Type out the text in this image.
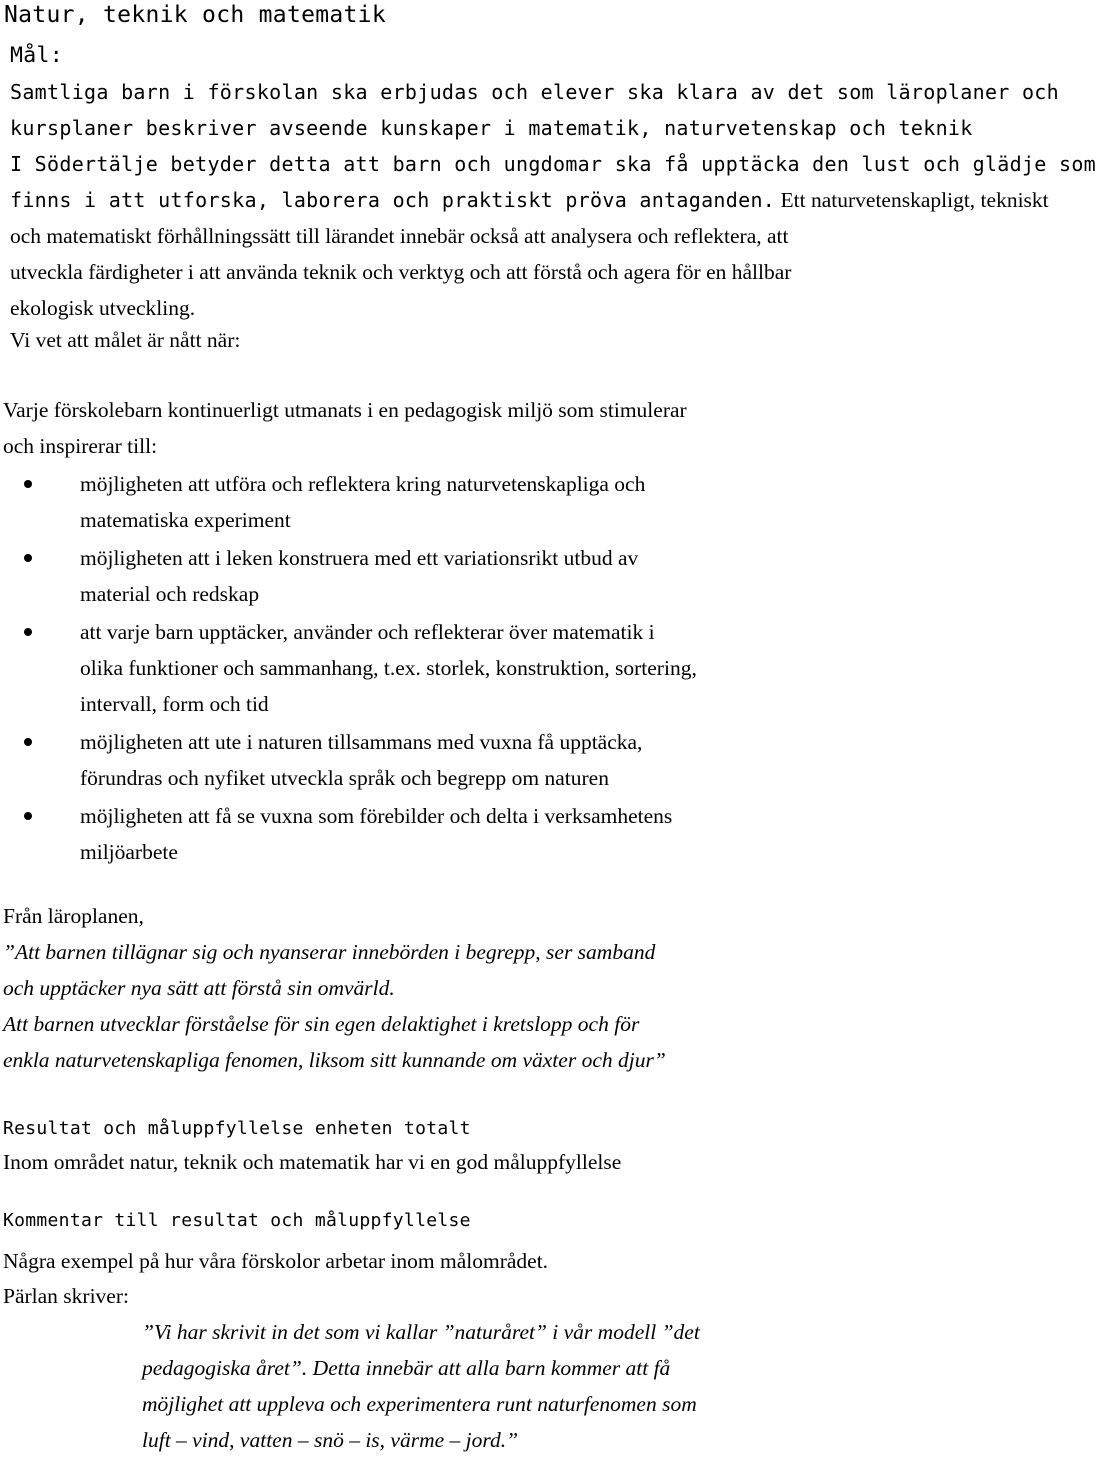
Natur, teknik och matematik
Mål:
Samtliga barn i förskolan ska erbjudas och elever ska klara av det som läroplaner och
kursplaner beskriver avseende kunskaper i matematik, naturvetenskap och teknik
I Södertälje betyder detta att barn och ungdomar ska få upptäcka den lust och glädje som
finns i att utforska, laborera och praktiskt pröva antaganden. Ett naturvetenskapligt, tekniskt
och matematiskt förhållningssätt till lärandet innebär också att analysera och reflektera, att
utveckla färdigheter i att använda teknik och verktyg och att förstå och agera för en hållbar
ekologisk utveckling.
Vi vet att målet är nått när:
Varje förskolebarn kontinuerligt utmanats i en pedagogisk miljö som stimulerar
och inspirerar till:
möjligheten att utföra och reflektera kring naturvetenskapliga och
matematiska experiment
möjligheten att i leken konstruera med ett variationsrikt utbud av
material och redskap
att varje barn upptäcker, använder och reflekterar över matematik i
olika funktioner och sammanhang, t.ex. storlek, konstruktion, sortering,
intervall, form och tid
möjligheten att ute i naturen tillsammans med vuxna få upptäcka,
förundras och nyfiket utveckla språk och begrepp om naturen
möjligheten att få se vuxna som förebilder och delta i verksamhetens
miljöarbete
Från läroplanen,
”Att barnen tillägnar sig och nyanserar innebörden i begrepp, ser samband
och upptäcker nya sätt att förstå sin omvärld.
Att barnen utvecklar förståelse för sin egen delaktighet i kretslopp och för
enkla naturvetenskapliga fenomen, liksom sitt kunnande om växter och djur”
Resultat och måluppfyllelse enheten totalt
Inom området natur, teknik och matematik har vi en god måluppfyllelse
Kommentar till resultat och måluppfyllelse
Några exempel på hur våra förskolor arbetar inom målområdet.
Pärlan skriver:
”Vi har skrivit in det som vi kallar ”naturåret” i vår modell ”det
pedagogiska året”. Detta innebär att alla barn kommer att få
möjlighet att uppleva och experimentera runt naturfenomen som
luft – vind, vatten – snö – is, värme – jord.”
